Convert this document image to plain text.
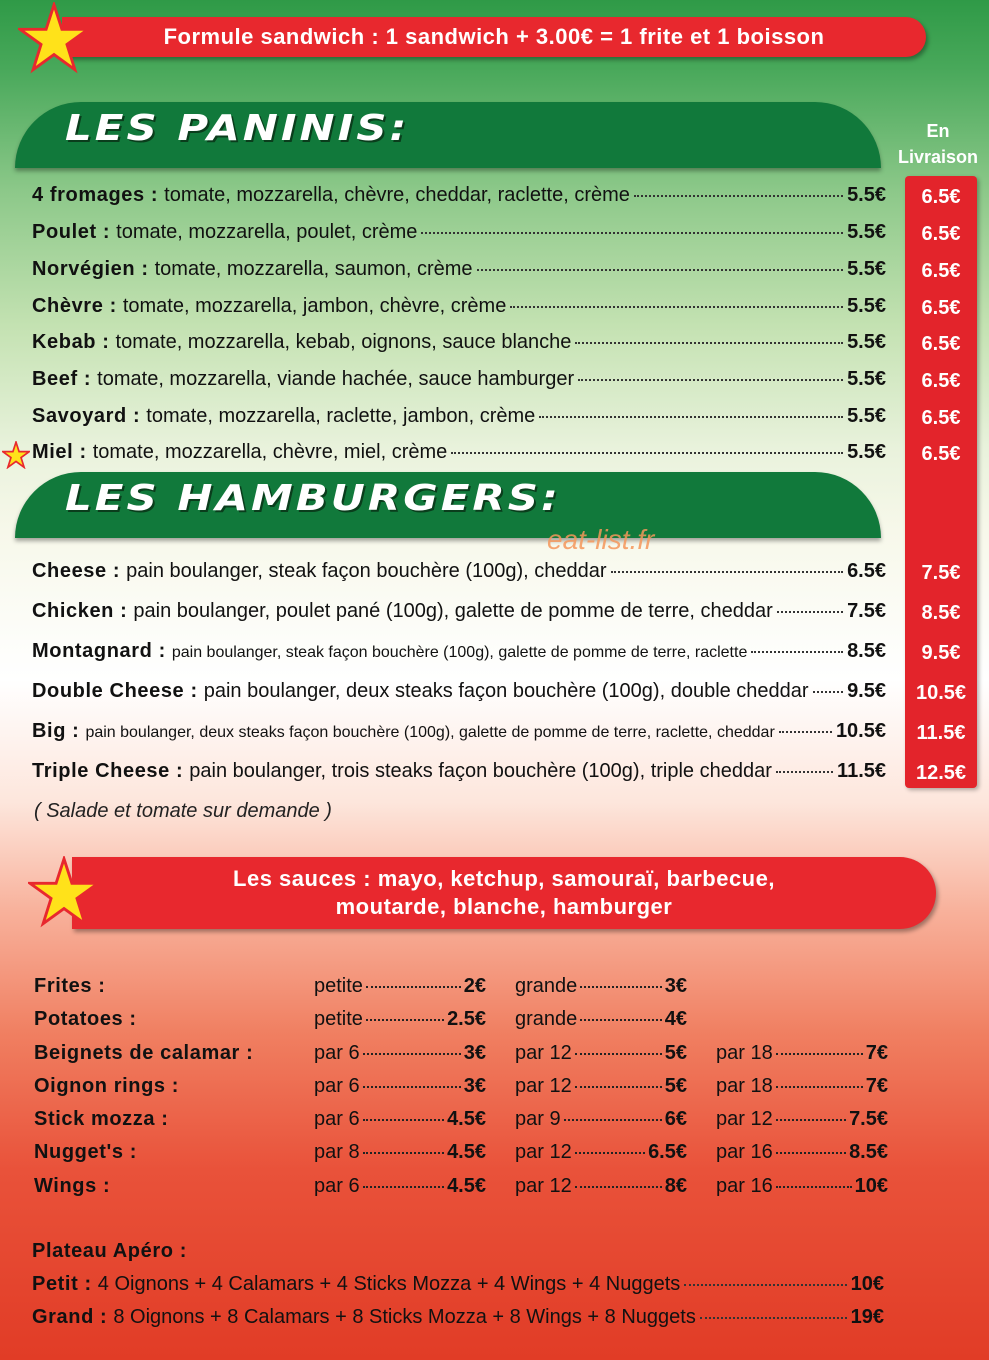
Formule sandwich : 1 sandwich + 3.00€ = 1 frite et 1 boisson
LES PANINIS:	En
Livraison
4 fromages : tomate, mozzarella, chèvre, cheddar, raclette, crème	5.5€	6.5€
Poulet : tomate, mozzarella, poulet, crème	5.5€	6.5€
Norvégien : tomate, mozzarella, saumon, crème	5.5€	6.5€
Chèvre : tomate, mozzarella, jambon, chèvre, crème	5.5€	6.5€
Kebab : tomate, mozzarella, kebab, oignons, sauce blanche	5.5€	6.5€
Beef : tomate, mozzarella, viande hachée, sauce hamburger	5.5€	6.5€
Savoyard : tomate, mozzarella, raclette, jambon, crème	5.5€	6.5€
Miel : tomate, mozzarella, chèvre, miel, crème	5.5€	6.5€
LES HAMBURGERS:
eat-list.fr
Cheese : pain boulanger, steak façon bouchère (100g), cheddar	6.5€	7.5€
Chicken : pain boulanger, poulet pané (100g), galette de pomme de terre, cheddar	7.5€	8.5€
Montagnard : pain boulanger, steak façon bouchère (100g), galette de pomme de terre, raclette	8.5€	9.5€
Double Cheese : pain boulanger, deux steaks façon bouchère (100g), double cheddar 9.5€	10.5€
Big : pain boulanger, deux steaks façon bouchère (100g), galette de pomme de terre, raclette, cheddar	10.5€	11.5€
Triple Cheese : pain boulanger, trois steaks façon bouchère (100g), triple cheddar	11.5€	12.5€
( Salade et tomate sur demande )
Les sauces : mayo, ketchup, samouraï, barbecue,
moutarde, blanche, hamburger
Frites :	petite	2€ grande	3€
Potatoes :	petite	2.5€ grande	4€
Beignets de calamar :	par 6	3€ par 12	5€ par 18	7€
Oignon rings :	par 6	3€ par 12	5€ par 18	7€
Stick mozza :	par 6	4.5€ par 9	6€ par 12	7.5€
Nugget's :	par 8	4.5€ par 12	6.5€ par 16	8.5€
Wings :	par 6	4.5€ par 12	8€ par 16	10€
Plateau Apéro :
Petit : 4 Oignons + 4 Calamars + 4 Sticks Mozza + 4 Wings + 4 Nuggets	10€
Grand : 8 Oignons + 8 Calamars + 8 Sticks Mozza + 8 Wings + 8 Nuggets	19€
